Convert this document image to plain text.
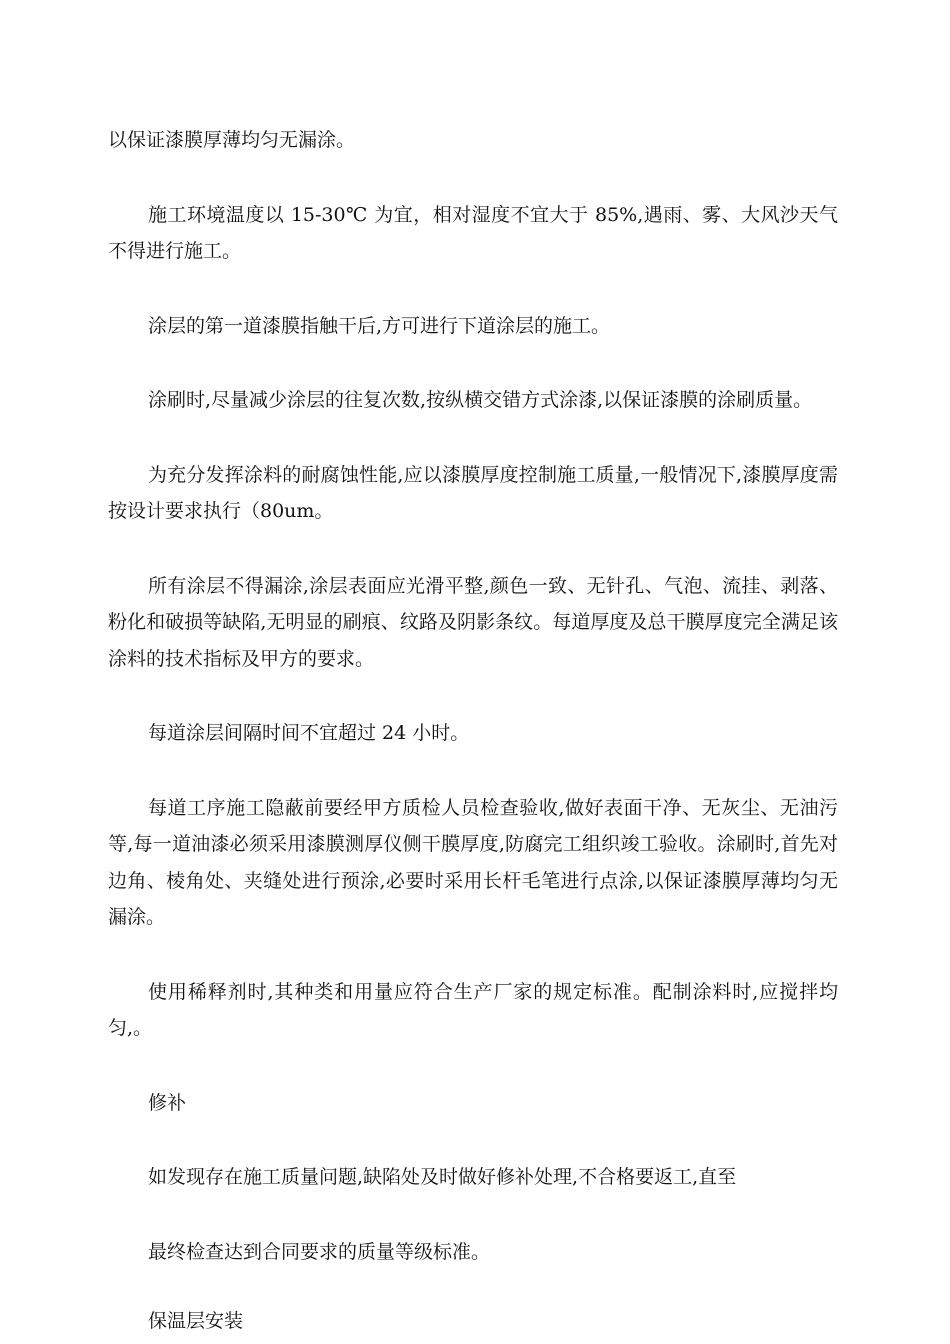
以保证漆膜厚薄均匀无漏涂。

施工环境温度以 15-30℃ 为宜，相对湿度不宜大于 85%,遇雨、雾、大风沙天气不得进行施工。

涂层的第一道漆膜指触干后,方可进行下道涂层的施工。

涂刷时,尽量减少涂层的往复次数,按纵横交错方式涂漆,以保证漆膜的涂刷质量。

为充分发挥涂料的耐腐蚀性能,应以漆膜厚度控制施工质量,一般情况下,漆膜厚度需按设计要求执行（80um。

所有涂层不得漏涂,涂层表面应光滑平整,颜色一致、无针孔、气泡、流挂、剥落、粉化和破损等缺陷,无明显的刷痕、纹路及阴影条纹。每道厚度及总干膜厚度完全满足该涂料的技术指标及甲方的要求。

每道涂层间隔时间不宜超过 24 小时。

每道工序施工隐蔽前要经甲方质检人员检查验收,做好表面干净、无灰尘、无油污等,每一道油漆必须采用漆膜测厚仪侧干膜厚度,防腐完工组织竣工验收。涂刷时,首先对边角、棱角处、夹缝处进行预涂,必要时采用长杆毛笔进行点涂,以保证漆膜厚薄均匀无漏涂。

使用稀释剂时,其种类和用量应符合生产厂家的规定标准。配制涂料时,应搅拌均匀,。

修补

如发现存在施工质量问题,缺陷处及时做好修补处理,不合格要返工,直至

最终检查达到合同要求的质量等级标准。

保温层安装
